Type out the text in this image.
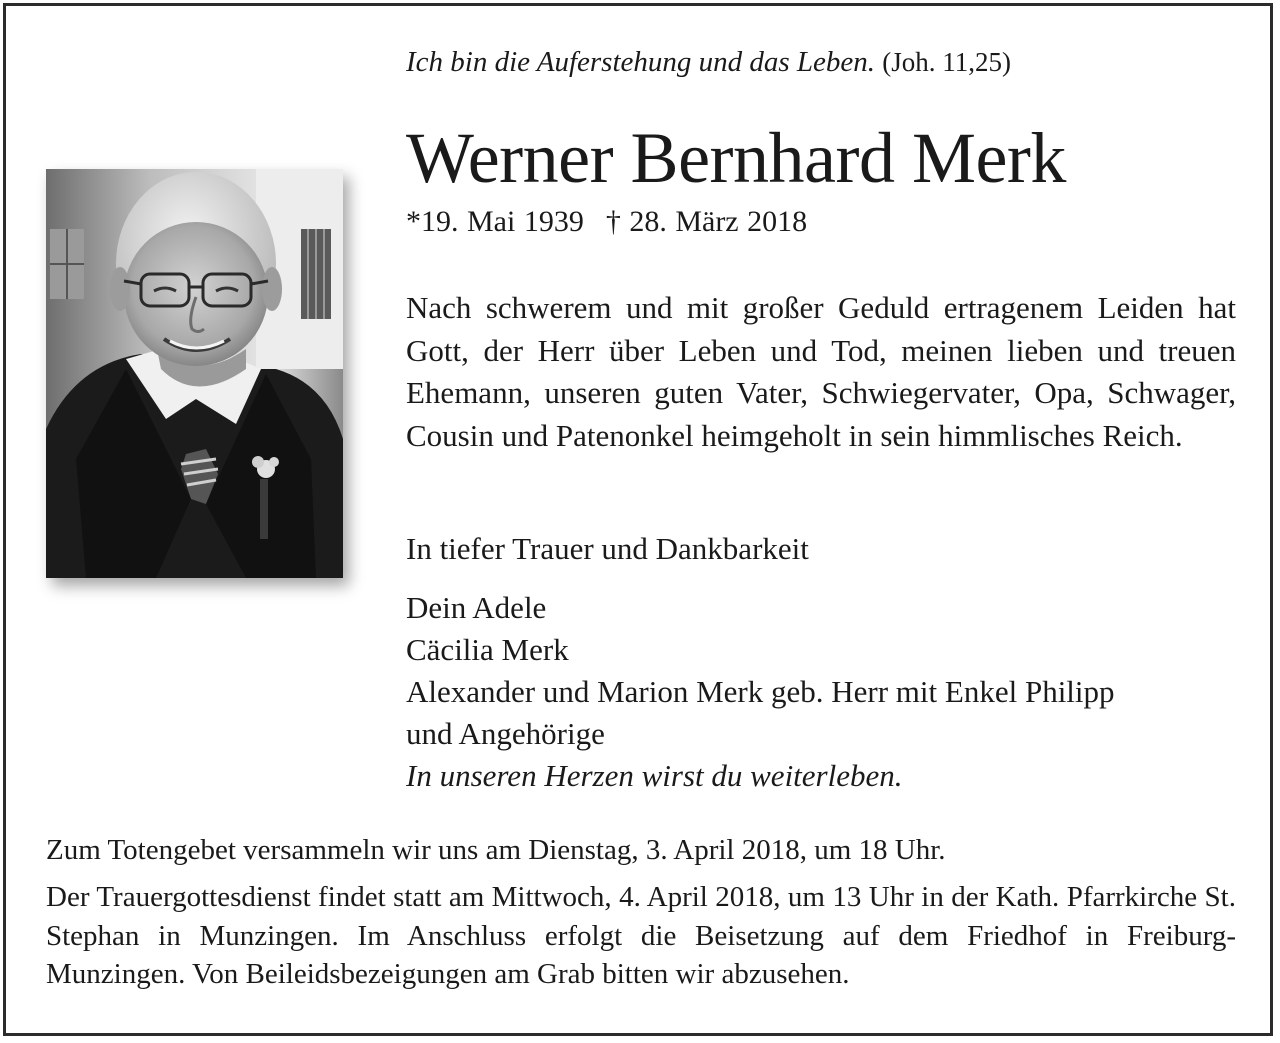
Ich bin die Auferstehung und das Leben. (Joh. 11,25)
Werner Bernhard Merk
*19. Mai 1939 † 28. März 2018
Nach schwerem und mit großer Geduld ertragenem Leiden hat Gott, der Herr über Leben und Tod, meinen lieben und treuen Ehemann, unseren guten Vater, Schwiegervater, Opa, Schwager, Cousin und Patenonkel heimgeholt in sein himmlisches Reich.
In tiefer Trauer und Dankbarkeit
Dein Adele
Cäcilia Merk
Alexander und Marion Merk geb. Herr mit Enkel Philipp
und Angehörige
In unseren Herzen wirst du weiterleben.
Zum Totengebet versammeln wir uns am Dienstag, 3. April 2018, um 18 Uhr.
Der Trauergottesdienst findet statt am Mittwoch, 4. April 2018, um 13 Uhr in der Kath. Pfarrkirche St. Stephan in Munzingen. Im Anschluss erfolgt die Beisetzung auf dem Friedhof in Freiburg-Munzingen. Von Beileidsbezeigungen am Grab bitten wir abzusehen.
